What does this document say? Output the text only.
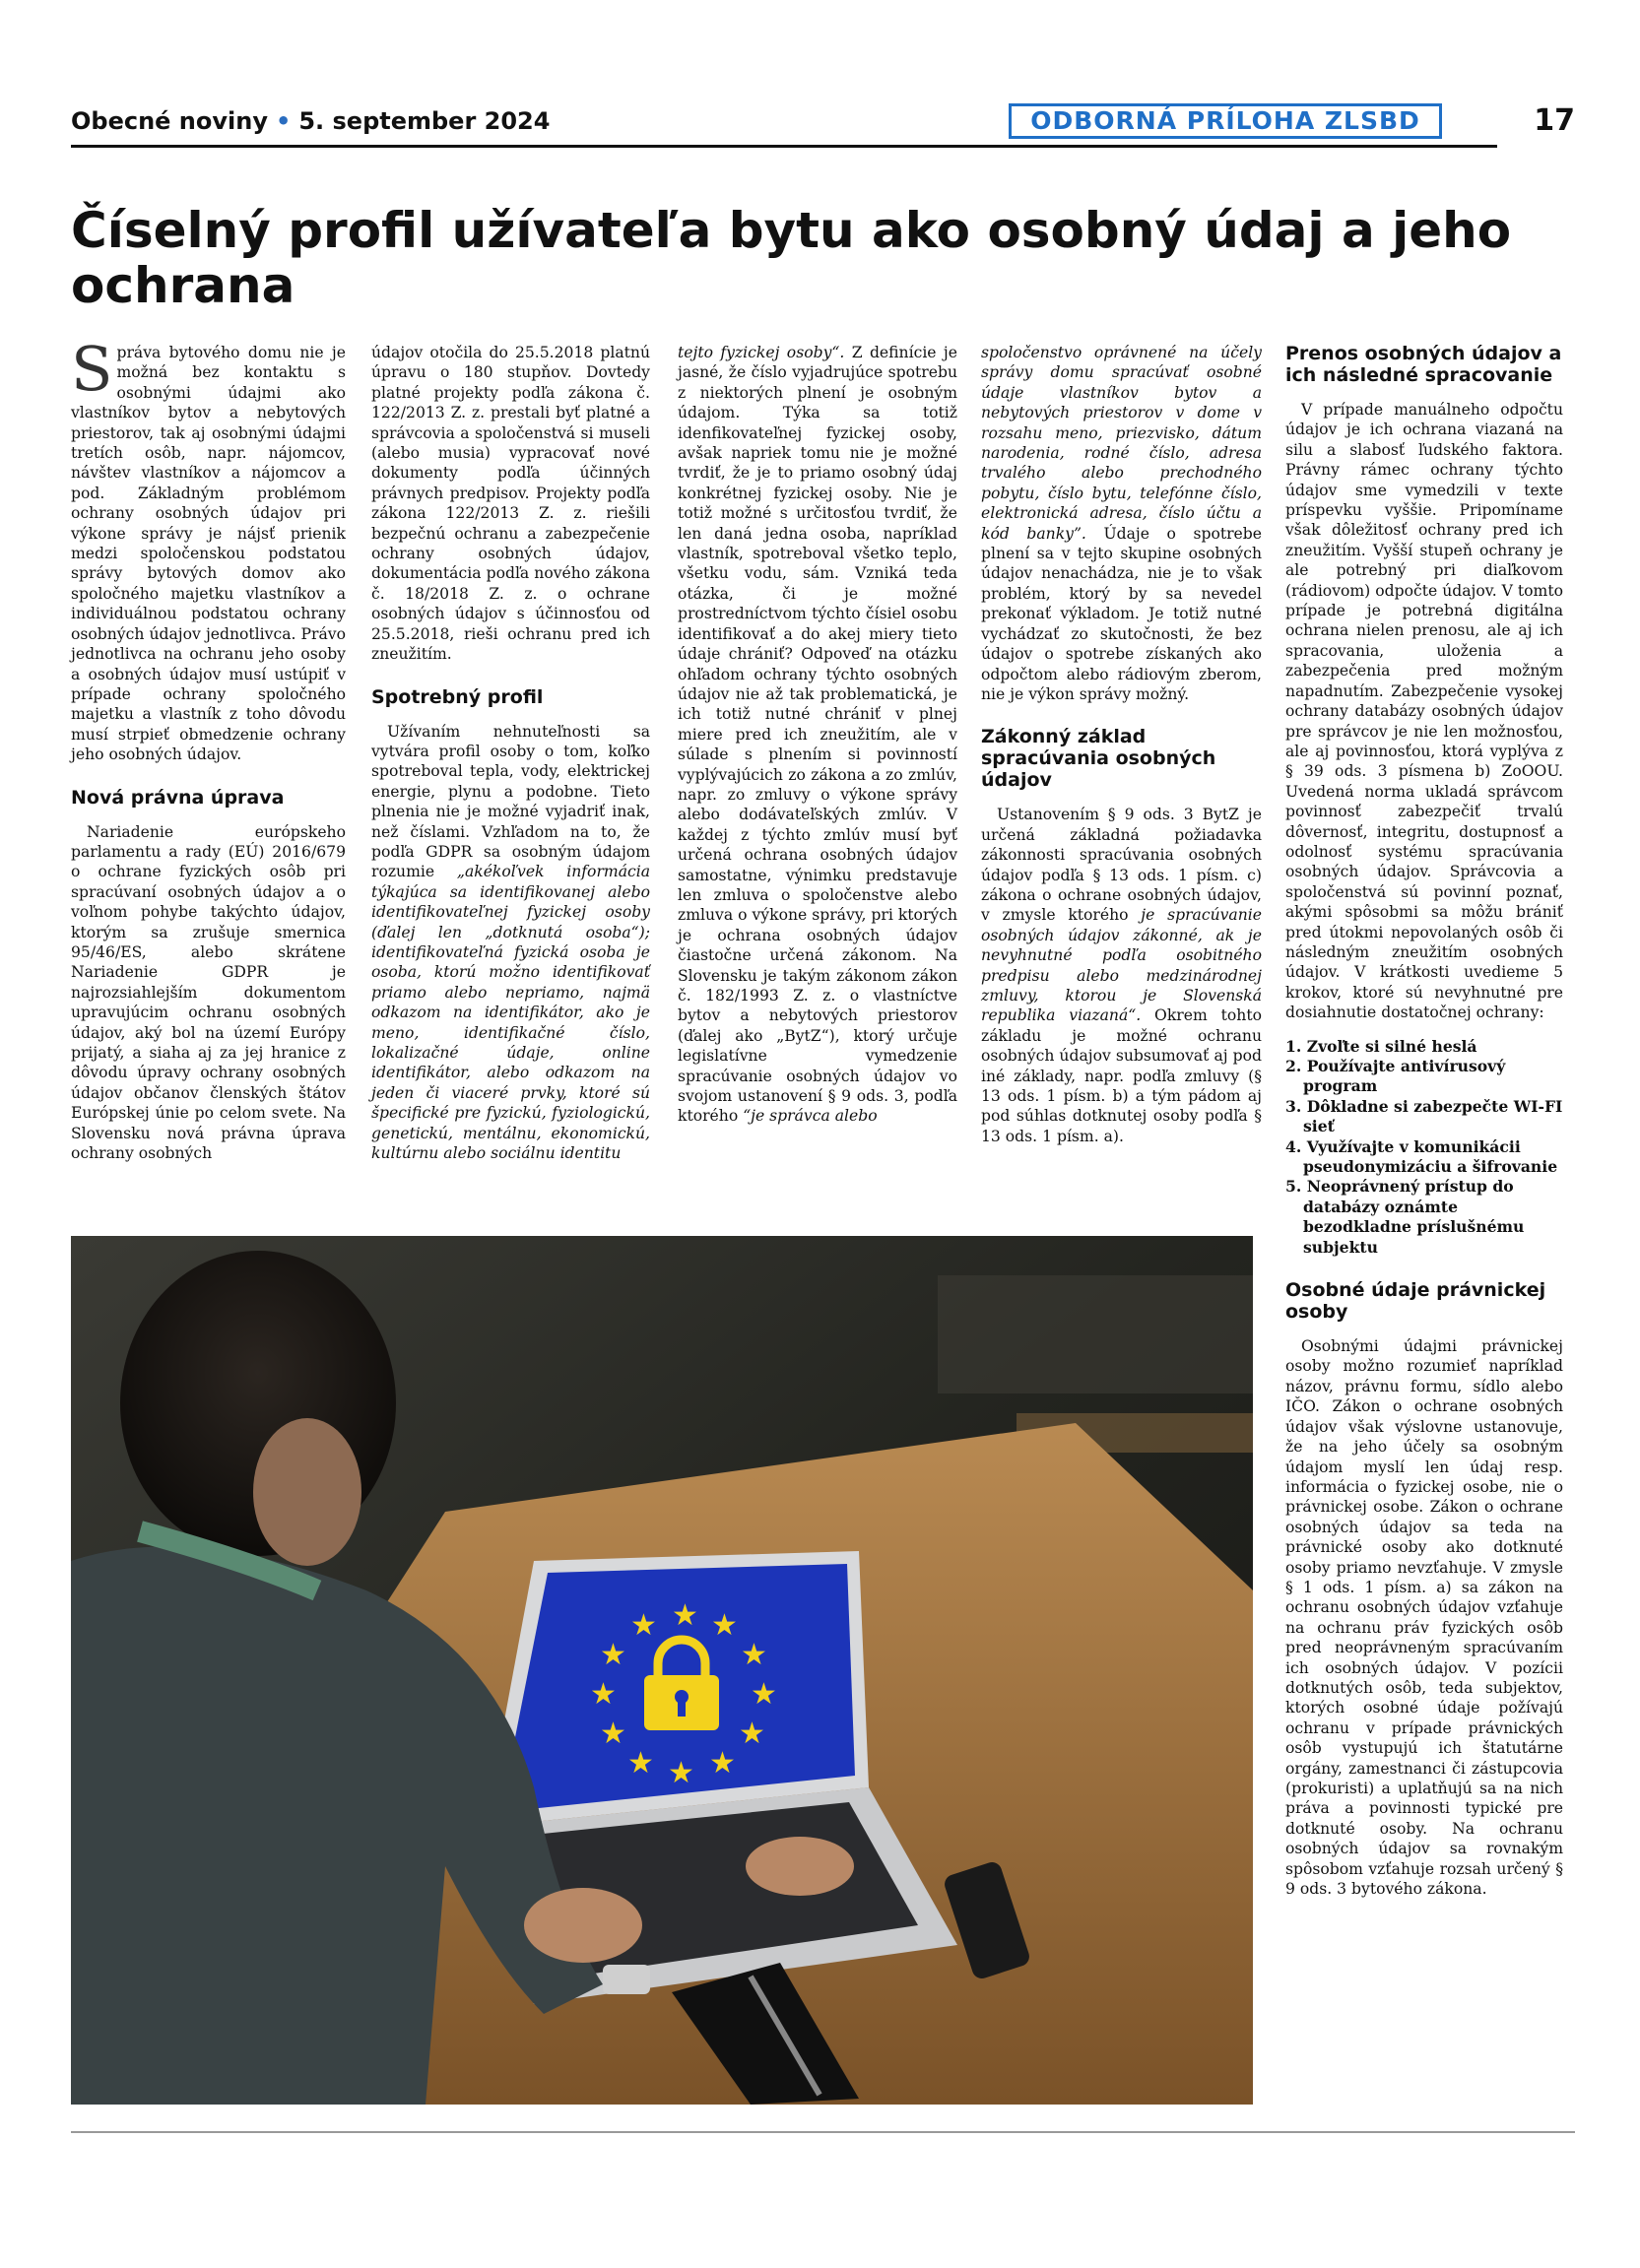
Obecné noviny • 5. september 2024	ODBORNÁ PRÍLOHA ZLSBD	17
Číselný profil užívateľa bytu ako osobný údaj a jeho ochrana

Správa bytového domu nie je možná bez kontaktu s osobnými údajmi ako vlastníkov bytov a nebytových priestorov, tak aj osobnými údajmi tretích osôb, napr. nájomcov, návštev vlastníkov a nájomcov a pod. Základným problémom ochrany osobných údajov pri výkone správy je nájsť prienik medzi spoločenskou podstatou správy bytových domov ako spoločného majetku vlastníkov a individuálnou podstatou ochrany osobných údajov jednotlivca. Právo jednotlivca na ochranu jeho osoby a osobných údajov musí ustúpiť v prípade ochrany spoločného majetku a vlastník z toho dôvodu musí strpieť obmedzenie ochrany jeho osobných údajov.

Nová právna úprava

Nariadenie európskeho parlamentu a rady (EÚ) 2016/679 o ochrane fyzických osôb pri spracúvaní osobných údajov a o voľnom pohybe takýchto údajov, ktorým sa zrušuje smernica 95/46/ES, alebo skrátene Nariadenie GDPR je najrozsiahlejším dokumentom upravujúcim ochranu osobných údajov, aký bol na území Európy prijatý, a siaha aj za jej hranice z dôvodu úpravy ochrany osobných údajov občanov členských štátov Európskej únie po celom svete. Na Slovensku nová právna úprava ochrany osobných

údajov otočila do 25.5.2018 platnú úpravu o 180 stupňov. Dovtedy platné projekty podľa zákona č. 122/2013 Z. z. prestali byť platné a správcovia a spoločenstvá si museli (alebo musia) vypracovať nové dokumenty podľa účinných právnych predpisov. Projekty podľa zákona 122/2013 Z. z. riešili bezpečnú ochranu a zabezpečenie ochrany osobných údajov, dokumentácia podľa nového zákona č. 18/2018 Z. z. o ochrane osobných údajov s účinnosťou od 25.5.2018, rieši ochranu pred ich zneužitím.

Spotrebný profil

Užívaním nehnuteľnosti sa vytvára profil osoby o tom, koľko spotreboval tepla, vody, elektrickej energie, plynu a podobne. Tieto plnenia nie je možné vyjadriť inak, než číslami. Vzhľadom na to, že podľa GDPR sa osobným údajom rozumie „akékoľvek informácia týkajúca sa identifikovanej alebo identifikovateľnej fyzickej osoby (ďalej len „dotknutá osoba“); identifikovateľná fyzická osoba je osoba, ktorú možno identifikovať priamo alebo nepriamo, najmä odkazom na identifikátor, ako je meno, identifikačné číslo, lokalizačné údaje, online identifikátor, alebo odkazom na jeden či viaceré prvky, ktoré sú špecifické pre fyzickú, fyziologickú, genetickú, mentálnu, ekonomickú, kultúrnu alebo sociálnu identitu

tejto fyzickej osoby“. Z definície je jasné, že číslo vyjadrujúce spotrebu z niektorých plnení je osobným údajom. Týka sa totiž idenfikovateľnej fyzickej osoby, avšak napriek tomu nie je možné tvrdiť, že je to priamo osobný údaj konkrétnej fyzickej osoby. Nie je totiž možné s určitosťou tvrdiť, že len daná jedna osoba, napríklad vlastník, spotreboval všetko teplo, všetku vodu, sám. Vzniká teda otázka, či je možné prostredníctvom týchto čísiel osobu identifikovať a do akej miery tieto údaje chrániť? Odpoveď na otázku ohľadom ochrany týchto osobných údajov nie až tak problematická, je ich totiž nutné chrániť v plnej miere pred ich zneužitím, ale v súlade s plnením si povinností vyplývajúcich zo zákona a zo zmlúv, napr. zo zmluvy o výkone správy alebo dodávateľských zmlúv. V každej z týchto zmlúv musí byť určená ochrana osobných údajov samostatne, výnimku predstavuje len zmluva o spoločenstve alebo zmluva o výkone správy, pri ktorých je ochrana osobných údajov čiastočne určená zákonom. Na Slovensku je takým zákonom zákon č. 182/1993 Z. z. o vlastníctve bytov a nebytových priestorov (ďalej ako „BytZ“), ktorý určuje legislatívne vymedzenie spracúvanie osobných údajov vo svojom ustanovení § 9 ods. 3, podľa ktorého “je správca alebo

spoločenstvo oprávnené na účely správy domu spracúvať osobné údaje vlastníkov bytov a nebytových priestorov v dome v rozsahu meno, priezvisko, dátum narodenia, rodné číslo, adresa trvalého alebo prechodného pobytu, číslo bytu, telefónne číslo, elektronická adresa, číslo účtu a kód banky”. Údaje o spotrebe plnení sa v tejto skupine osobných údajov nenachádza, nie je to však problém, ktorý by sa nevedel prekonať výkladom. Je totiž nutné vychádzať zo skutočnosti, že bez údajov o spotrebe získaných ako odpočtom alebo rádiovým zberom, nie je výkon správy možný.

Zákonný základ spracúvania osobných údajov

Ustanovením § 9 ods. 3 BytZ je určená základná požiadavka zákonnosti spracúvania osobných údajov podľa § 13 ods. 1 písm. c) zákona o ochrane osobných údajov, v zmysle ktorého je spracúvanie osobných údajov zákonné, ak je nevyhnutné podľa osobitného predpisu alebo medzinárodnej zmluvy, ktorou je Slovenská republika viazaná“. Okrem tohto základu je možné ochranu osobných údajov subsumovať aj pod iné základy, napr. podľa zmluvy (§ 13 ods. 1 písm. b) a tým pádom aj pod súhlas dotknutej osoby podľa § 13 ods. 1 písm. a).

Prenos osobných údajov a ich následné spracovanie

V prípade manuálneho odpočtu údajov je ich ochrana viazaná na silu a slabosť ľudského faktora. Právny rámec ochrany týchto údajov sme vymedzili v texte príspevku vyššie. Pripomíname však dôležitosť ochrany pred ich zneužitím. Vyšší stupeň ochrany je ale potrebný pri diaľkovom (rádiovom) odpočte údajov. V tomto prípade je potrebná digitálna ochrana nielen prenosu, ale aj ich spracovania, uloženia a zabezpečenia pred možným napadnutím. Zabezpečenie vysokej ochrany databázy osobných údajov pre správcov je nie len možnosťou, ale aj povinnosťou, ktorá vyplýva z § 39 ods. 3 písmena b) ZoOOU. Uvedená norma ukladá správcom povinnosť zabezpečiť trvalú dôvernosť, integritu, dostupnosť a odolnosť systému spracúvania osobných údajov. Správcovia a spoločenstvá sú povinní poznať, akými spôsobmi sa môžu brániť pred útokmi nepovolaných osôb či následným zneužitím osobných údajov. V krátkosti uvedieme 5 krokov, ktoré sú nevyhnutné pre dosiahnutie dostatočnej ochrany:

1. Zvoľte si silné heslá
2. Používajte antivírusový program
3. Dôkladne si zabezpečte WI-FI sieť
4. Využívajte v komunikácii pseudonymizáciu a šifrovanie
5. Neoprávnený prístup do databázy oznámte bezodkladne príslušnému subjektu
Osobné údaje právnickej osoby

Osobnými údajmi právnickej osoby možno rozumieť napríklad názov, právnu formu, sídlo alebo IČO. Zákon o ochrane osobných údajov však výslovne ustanovuje, že na jeho účely sa osobným údajom myslí len údaj resp. informácia o fyzickej osobe, nie o právnickej osobe. Zákon o ochrane osobných údajov sa teda na právnické osoby ako dotknuté osoby priamo nevzťahuje. V zmysle § 1 ods. 1 písm. a) sa zákon na ochranu osobných údajov vzťahuje na ochranu práv fyzických osôb pred neoprávneným spracúvaním ich osobných údajov. V pozícii dotknutých osôb, teda subjektov, ktorých osobné údaje požívajú ochranu v prípade právnických osôb vystupujú ich štatutárne orgány, zamestnanci či zástupcovia (prokuristi) a uplatňujú sa na nich práva a povinnosti typické pre dotknuté osoby. Na ochranu osobných údajov sa rovnakým spôsobom vzťahuje rozsah určený § 9 ods. 3 bytového zákona.

★ ★
★
★
★
★
★
★
★
★
★
★
